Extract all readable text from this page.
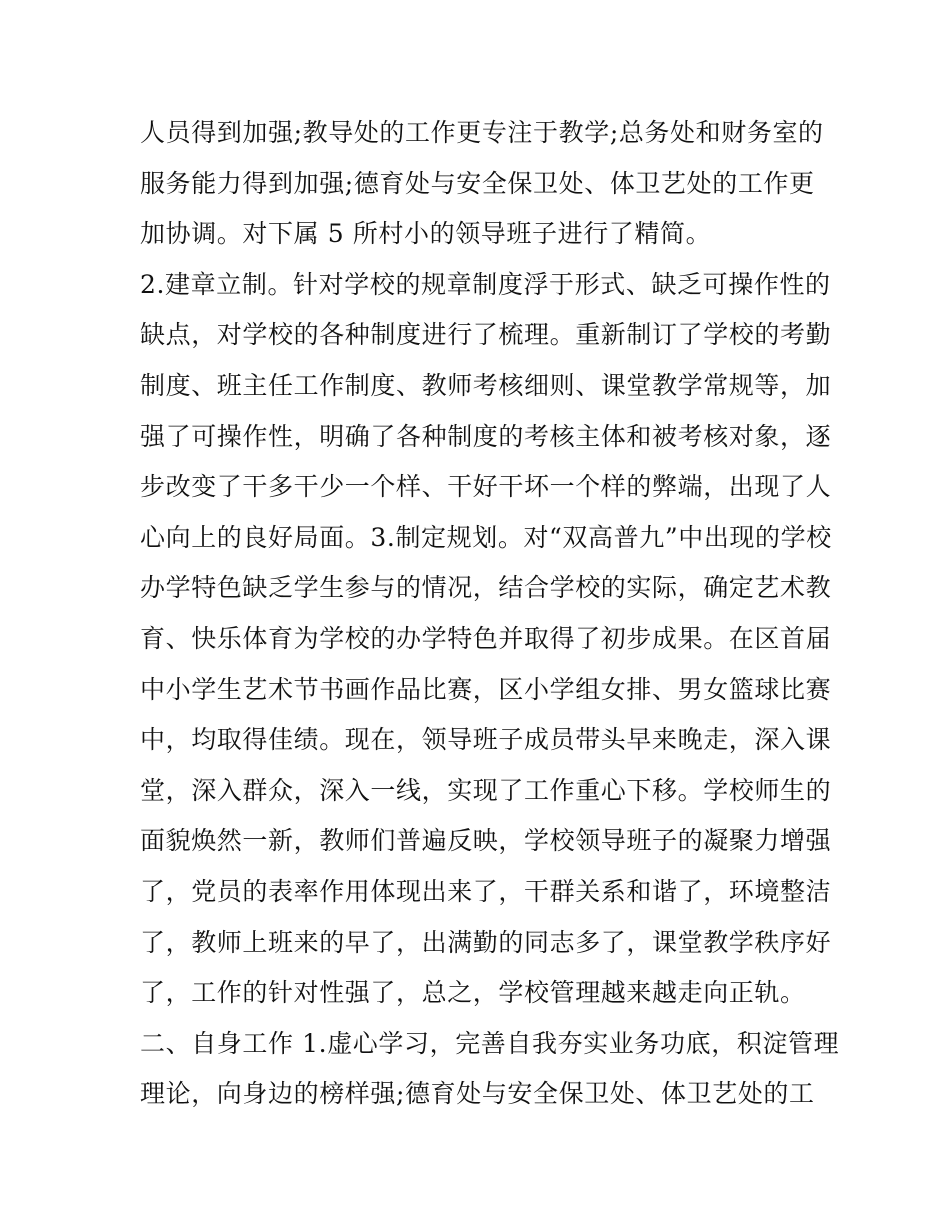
人员得到加强;教导处的工作更专注于教学;总务处和财务室的
服务能力得到加强;德育处与安全保卫处、体卫艺处的工作更
加协调。对下属 5 所村小的领导班子进行了精简。
2.建章立制。针对学校的规章制度浮于形式、缺乏可操作性的
缺点，对学校的各种制度进行了梳理。重新制订了学校的考勤
制度、班主任工作制度、教师考核细则、课堂教学常规等，加
强了可操作性，明确了各种制度的考核主体和被考核对象，逐
步改变了干多干少一个样、干好干坏一个样的弊端，出现了人
心向上的良好局面。3.制定规划。对“双高普九”中出现的学校
办学特色缺乏学生参与的情况，结合学校的实际，确定艺术教
育、快乐体育为学校的办学特色并取得了初步成果。在区首届
中小学生艺术节书画作品比赛，区小学组女排、男女篮球比赛
中，均取得佳绩。现在，领导班子成员带头早来晚走，深入课
堂，深入群众，深入一线，实现了工作重心下移。学校师生的
面貌焕然一新，教师们普遍反映，学校领导班子的凝聚力增强
了，党员的表率作用体现出来了，干群关系和谐了，环境整洁
了，教师上班来的早了，出满勤的同志多了，课堂教学秩序好
了，工作的针对性强了，总之，学校管理越来越走向正轨。
二、自身工作 1.虚心学习，完善自我夯实业务功底，积淀管理
理论，向身边的榜样强;德育处与安全保卫处、体卫艺处的工
